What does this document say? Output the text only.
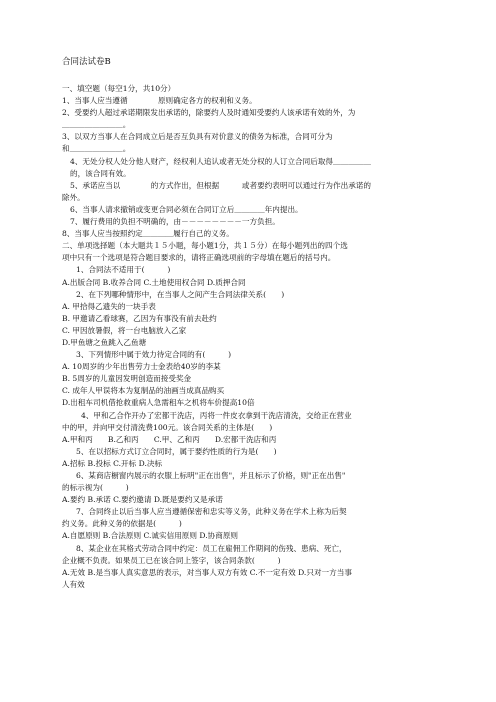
合同法试卷B
一、填空题（每空1分，共10分）
1、当事人应当遵循　　　　原则确定各方的权利和义务。
2、受要约人超过承诺期限发出承诺的，除要约人及时通知受要约人该承诺有效的外，为
＿＿＿＿＿＿＿＿。
3、以双方当事人在合同成立后是否互负具有对价意义的债务为标准，合同可分为
和＿＿＿＿＿＿＿。
4、无处分权人处分他人财产，经权利人追认或者无处分权的人订立合同后取得＿＿＿＿＿
的，该合同有效。
5、承诺应当以　　　　的方式作出，但根据　　　或者要约表明可以通过行为作出承诺的
除外。
6、当事人请求撤销或变更合同必须在合同订立后＿＿＿＿年内提出。
7、履行费用的负担不明确的，由－－－－－－－－一方负担。
8、当事人应当按照约定＿＿＿＿履行自己的义务。
二、单项选择题（本大题共１５小题，每小题1分，共１５分）在每小题列出的四个选
项中只有一个选项是符合题目要求的，请将正确选项前的字母填在题后的括号内。
1、合同法不适用于(　　　)
A.出版合同 B.收养合同 C.土地使用权合同 D.质押合同
2、在下列哪种情形中，在当事人之间产生合同法律关系(　　)
A. 甲拾得乙遗失的一块手表
B. 甲邀请乙看球赛，乙因为有事没有前去赴约
C. 甲因放暑假，将一台电脑放入乙家
D.甲鱼塘之鱼跳入乙鱼塘
3、下列情形中属于效力待定合同的有(　　　)
A. 10周岁的少年出售劳力士金表给40岁的李某
B. 5周岁的儿童因发明创造而接受奖金
C. 成年人甲误将本为复制品的油画当成真品购买
D.出租车司机借抢救重病人急需租车之机将车价提高10倍
4、甲和乙合作开办了宏都干洗店，丙将一件皮衣拿到干洗店清洗，交给正在营业
中的甲，并向甲交付清洗费100元。该合同关系的主体是(　　)
A.甲和丙　　B.乙和丙　　C.甲、乙和丙　　D.宏都干洗店和丙
5、在以招标方式订立合同时，属于要约性质的行为是(　　)
A.招标 B.投标 C.开标 D.决标
6、某商店橱窗内展示的衣服上标明"正在出售"，并且标示了价格，则"正在出售"
的标示视为(　　　)
A.要约 B.承诺 C.要约邀请 D.既是要约又是承诺
7、合同终止以后当事人应当遵循保密和忠实等义务，此种义务在学术上称为后契
约义务。此种义务的依据是(　　　)
A.自愿原则 B.合法原则 C.诚实信用原则 D.协商原则
8、某企业在其格式劳动合同中约定：员工在雇佣工作期间的伤残、患病、死亡，
企业概不负责。如果员工已在该合同上签字，该合同条款(　　　)
A.无效 B.是当事人真实意思的表示，对当事人双方有效 C.不一定有效 D.只对一方当事
人有效
